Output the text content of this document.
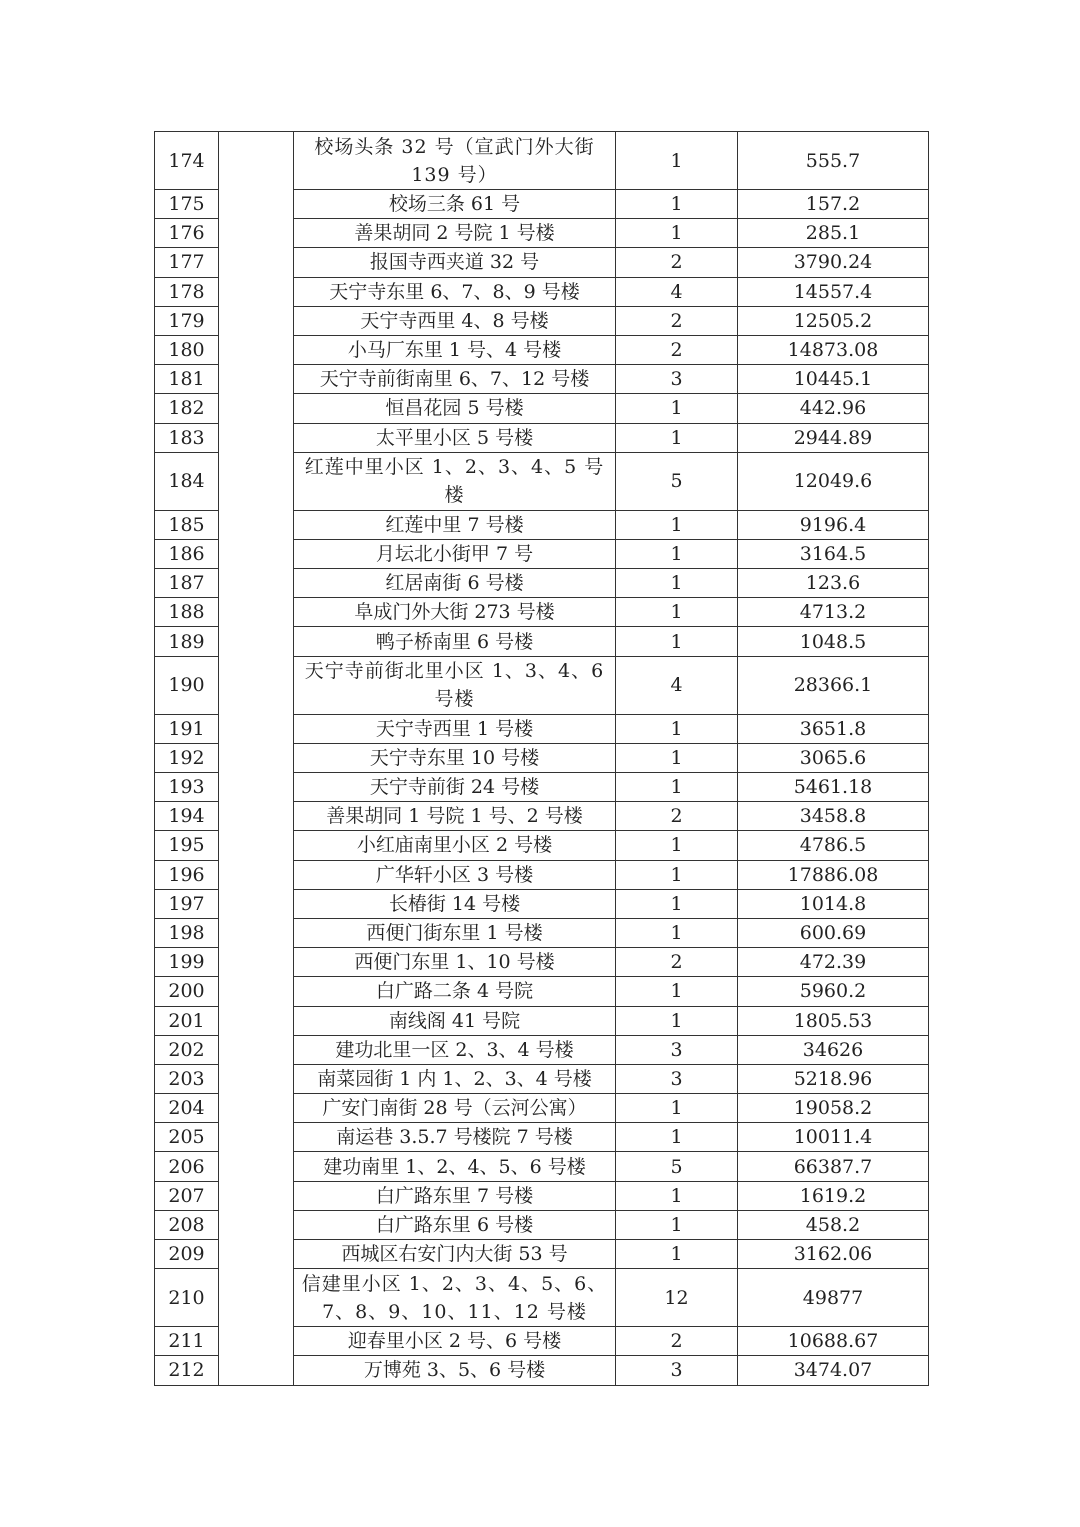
174		校场头条 32 号（宣武门外大街 139 号）	1	555.7
175		校场三条 61 号	1	157.2
176		善果胡同 2 号院 1 号楼	1	285.1
177		报国寺西夹道 32 号	2	3790.24
178		天宁寺东里 6、7、8、9 号楼	4	14557.4
179		天宁寺西里 4、8 号楼	2	12505.2
180		小马厂东里 1 号、4 号楼	2	14873.08
181		天宁寺前街南里 6、7、12 号楼	3	10445.1
182		恒昌花园 5 号楼	1	442.96
183		太平里小区 5 号楼	1	2944.89
184		红莲中里小区 1、2、3、4、5 号楼	5	12049.6
185		红莲中里 7 号楼	1	9196.4
186		月坛北小街甲 7 号	1	3164.5
187		红居南街 6 号楼	1	123.6
188		阜成门外大街 273 号楼	1	4713.2
189		鸭子桥南里 6 号楼	1	1048.5
190		天宁寺前街北里小区 1、3、4、6 号楼	4	28366.1
191		天宁寺西里 1 号楼	1	3651.8
192		天宁寺东里 10 号楼	1	3065.6
193		天宁寺前街 24 号楼	1	5461.18
194		善果胡同 1 号院 1 号、2 号楼	2	3458.8
195		小红庙南里小区 2 号楼	1	4786.5
196		广华轩小区 3 号楼	1	17886.08
197		长椿街 14 号楼	1	1014.8
198		西便门街东里 1 号楼	1	600.69
199		西便门东里 1、10 号楼	2	472.39
200		白广路二条 4 号院	1	5960.2
201		南线阁 41 号院	1	1805.53
202		建功北里一区 2、3、4 号楼	3	34626
203		南菜园街 1 内 1、2、3、4 号楼	3	5218.96
204		广安门南街 28 号（云河公寓）	1	19058.2
205		南运巷 3.5.7 号楼院 7 号楼	1	10011.4
206		建功南里 1、2、4、5、6 号楼	5	66387.7
207		白广路东里 7 号楼	1	1619.2
208		白广路东里 6 号楼	1	458.2
209		西城区右安门内大街 53 号	1	3162.06
210		信建里小区 1、2、3、4、5、6、7、8、9、10、11、12 号楼	12	49877
211		迎春里小区 2 号、6 号楼	2	10688.67
212		万博苑 3、5、6 号楼	3	3474.07
